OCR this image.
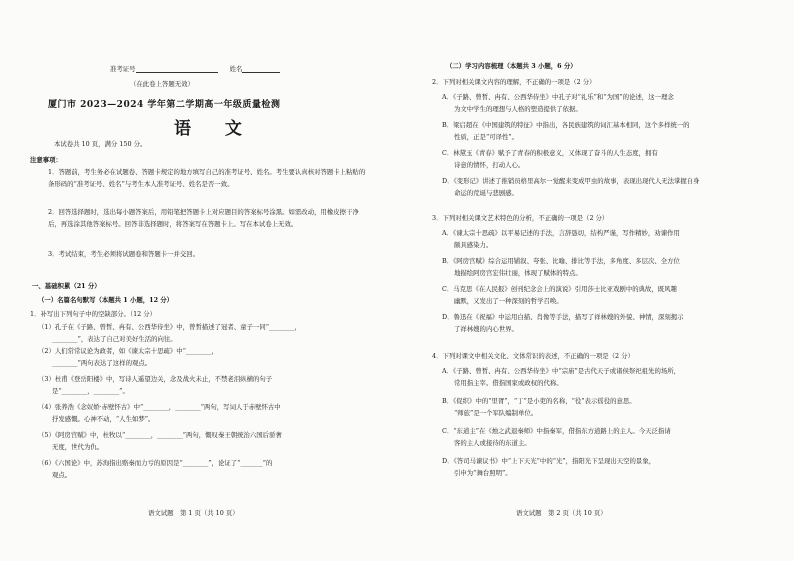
准考证号	姓名
（在此卷上答题无效）
厦门市 2023—2024 学年第二学期高一年级质量检测
语 文
本试卷共 10 页，满分 150 分。
注意事项：
1．答题前，考生务必在试题卷、答题卡规定的地方填写自己的准考证号、姓名。考生要认真核对答题卡上粘贴的条形码的“准考证号、姓名”与考生本人准考证号、姓名是否一致。
2．回答选择题时，选出每小题答案后，用铅笔把答题卡上对应题目的答案标号涂黑。如需改动，用橡皮擦干净后，再选涂其他答案标号。回答非选择题时，将答案写在答题卡上。写在本试卷上无效。
3．考试结束，考生必须将试题卷和答题卡一并交回。
一、基础积累（21 分）
（一）名篇名句默写（本题共 1 小题，12 分）
1．补写出下列句子中的空缺部分。（12 分）
（1）孔子在《子路、曾皙、冉有、公西华侍坐》中，曾皙描述了冠者、童子一同“________，
________”，表达了自己对美好生活的向往。
（2）人们常常议论为政者，如《谏太宗十思疏》中“________，
________”两句表达了这样的观点。
（3）杜甫《登岳阳楼》中，写诗人遥望边关，念及战火未止，不禁老泪纵横的句子
是“________，________”。
（4）张养浩《念奴娇·赤壁怀古》中“________，________”两句，写词人于赤壁怀古中
抒发感慨。心神不动，“人生如梦”。
（5）《阿房宫赋》中，杜牧以“________，________”两句，慨叹秦王朝统治六国后骄奢
无度，世代为仇。
（6）《六国论》中，苏洵指出赂秦而力亏的原因是“________”，论证了“_______”的
观点。
语文试题　第 1 页（共 10 页）
（二）学习内容梳理（本题共 3 小题，6 分）
2．下列对相关课文内容的理解，不正确的一项是（2 分）
A．《子路、曾皙、冉有、公西华侍坐》中孔子对“礼乐”和“为国”的论述，这一理念
为文中学生的理想与人格的塑造提供了依据。
B．梁启超在《中国建筑的特征》中指出，各民族建筑的词汇基本相同，这个多样统一的
性质，正是“可译性”。
C．林黛玉《青春》赋予了青春的积极意义，又体现了奋斗的人生态度，拥有
诗意的情怀，打动人心。
D．《变形记》讲述了推销员格里高尔一觉醒来变成甲虫的故事，表现出现代人无法掌握自身
命运的荒诞与悲剧感。
3．下列对相关课文艺术特色的分析，不正确的一项是（2 分）
A．《谏太宗十思疏》以平易记述的手法，言辞恳切，结构严谨，写作精妙，劝谏作用
颇具感染力。
B．《阿房宫赋》综合运用铺叙、夸张、比喻、排比等手法，多角度、多层次、全方位
地描绘阿房宫宏伟壮丽，体现了赋体的特点。
C．马克思《在人民报》创刊纪念会上的演说》引用莎士比亚戏剧中的典故，既风趣
幽默，又发出了一种深刻的哲学召唤。
D．鲁迅在《祝福》中运用白描、肖像等手法，描写了祥林嫂的外貌、神情，深刻揭示
了祥林嫂的内心世界。
4．下列对课文中相关文化、文体常识的表述，不正确的一项是（2 分）
A．《子路、曾皙、冉有、公西华侍坐》中“宗庙”是古代天子或诸侯祭祀祖先的场所，
常用指主宰。借指国家或政权的代称。
B．《促织》中的“里胥”，“丁”是小吏的名称，“役”表示徭役的意思。
“师旅”是一个军队编制单位。
C．“东道主”在《烛之武退秦师》中指秦军，借指东方道路上的主人。今天泛指请
客的主人或接待的东道主。
D．《答司马谏议书》中“上下天光”中的“光”，指阳光下呈现出天空的景象，
引申为“舞台照明”。
语文试题　第 2 页（共 10 页）
